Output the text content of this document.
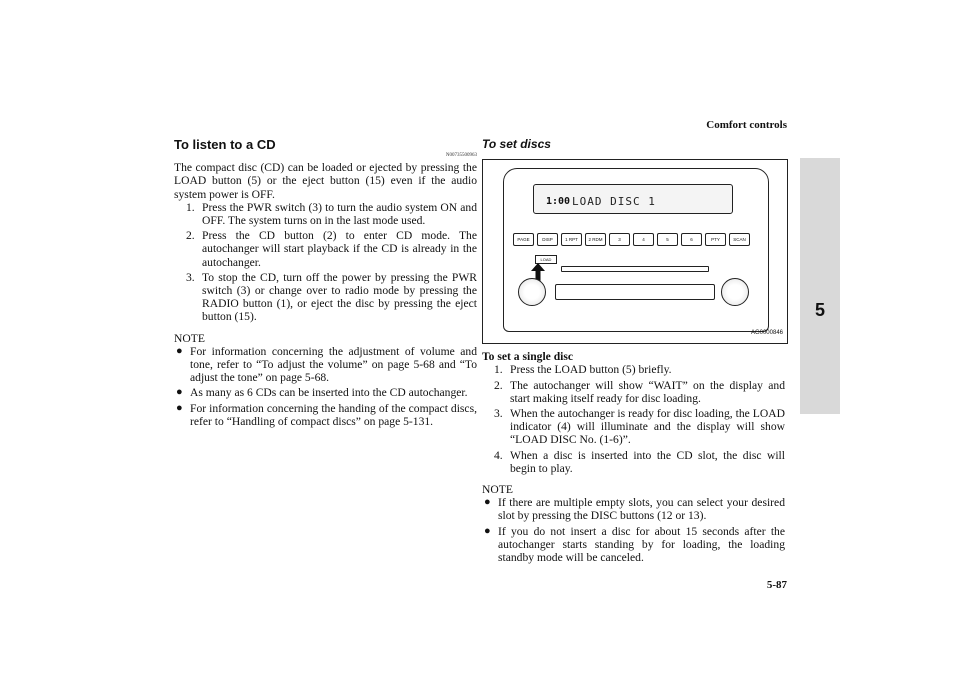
Comfort controls
5
To listen to a CD
N00735500963

The compact disc (CD) can be loaded or ejected by pressing the LOAD button (5) or the eject button (15) even if the audio system power is OFF.

1. Press the PWR switch (3) to turn the audio system ON and OFF. The system turns on in the last mode used.
2. Press the CD button (2) to enter CD mode. The autochanger will start playback if the CD is already in the autochanger.
3. To stop the CD, turn off the power by pressing the PWR switch (3) or change over to radio mode by pressing the RADIO button (1), or eject the disc by pressing the eject button (15).
NOTE
● For information concerning the adjustment of volume and tone, refer to “To adjust the volume” on page 5-68 and “To adjust the tone” on page 5-68.
● As many as 6 CDs can be inserted into the CD autochanger.
● For information concerning the handing of the compact discs, refer to “Handling of compact discs” on page 5-131.
To set discs
1:00 LOAD DISC 1
PAGE	DISP	1 RPT	2 RDM	3	4	5	6	PTY	SCAN
LOAD
AG0000846
To set a single disc
1. Press the LOAD button (5) briefly.
2. The autochanger will show “WAIT” on the display and start making itself ready for disc loading.
3. When the autochanger is ready for disc loading, the LOAD indicator (4) will illuminate and the display will show “LOAD DISC No. (1-6)”.
4. When a disc is inserted into the CD slot, the disc will begin to play.
NOTE
● If there are multiple empty slots, you can select your desired slot by pressing the DISC buttons (12 or 13).
● If you do not insert a disc for about 15 seconds after the autochanger starts standing by for loading, the loading standby mode will be canceled.
5-87
